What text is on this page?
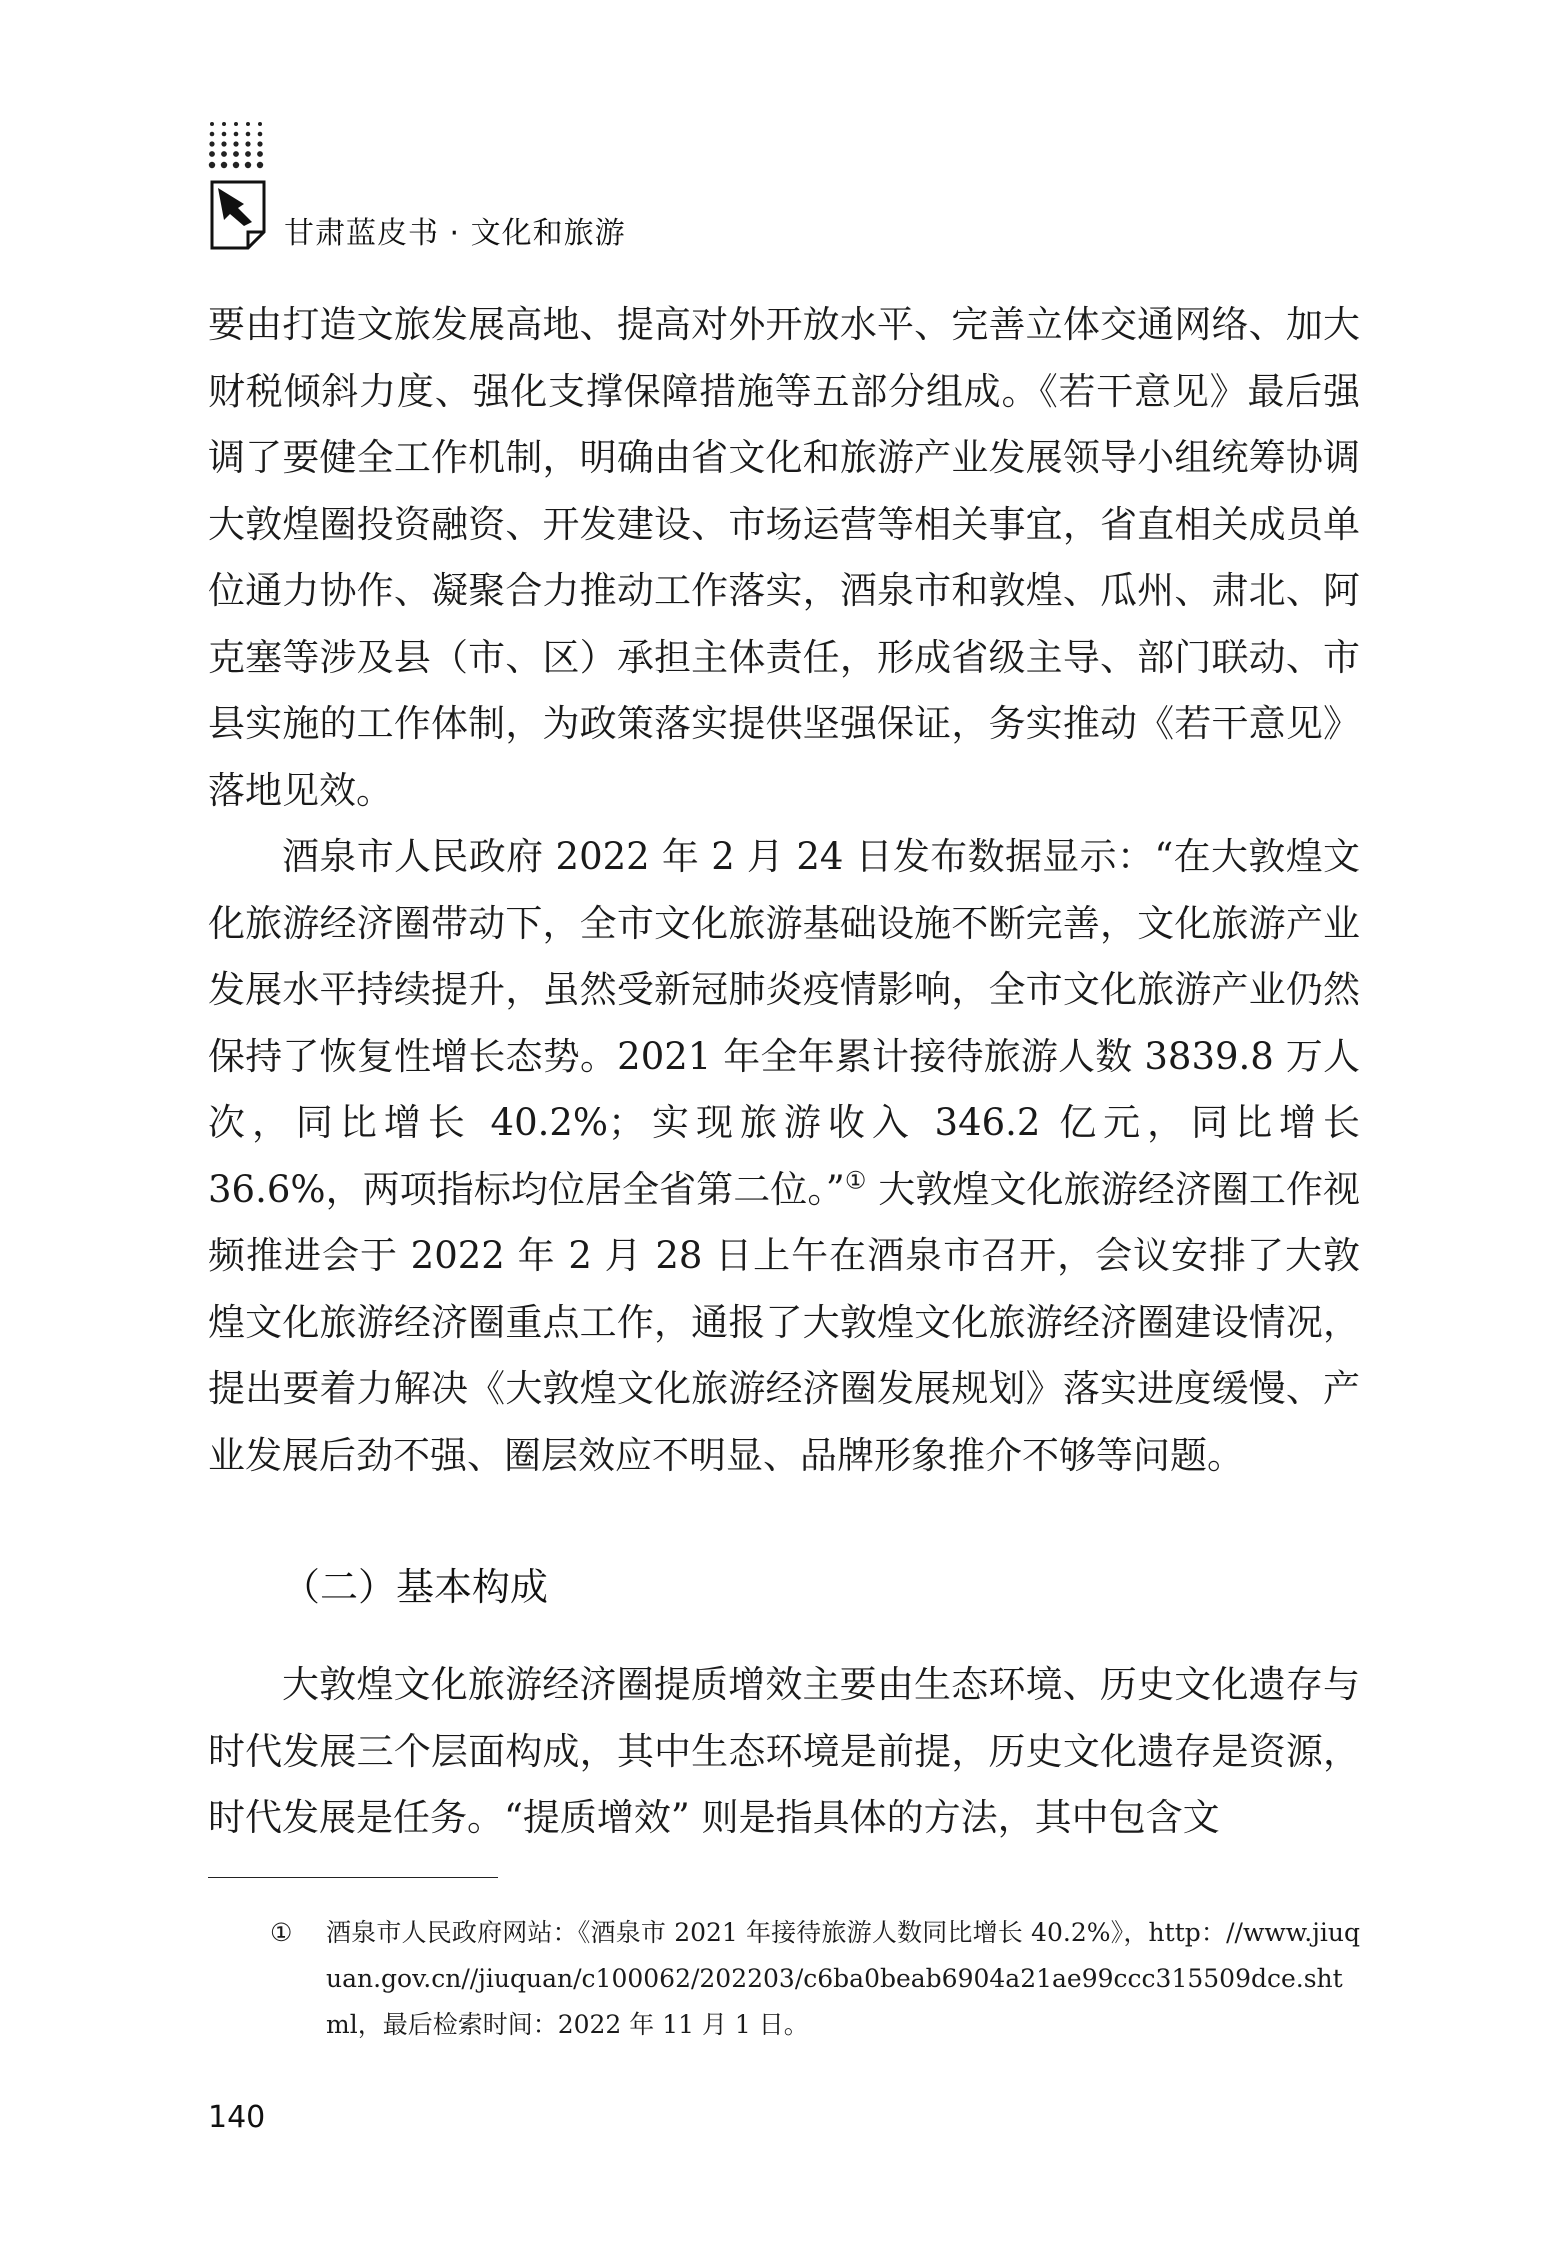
甘肃蓝皮书 · 文化和旅游

要由打造文旅发展高地、提高对外开放水平、完善立体交通网络、加大财税倾斜力度、强化支撑保障措施等五部分组成。《若干意见》最后强调了要健全工作机制，明确由省文化和旅游产业发展领导小组统筹协调大敦煌圈投资融资、开发建设、市场运营等相关事宜，省直相关成员单位通力协作、凝聚合力推动工作落实，酒泉市和敦煌、瓜州、肃北、阿克塞等涉及县（市、区）承担主体责任，形成省级主导、部门联动、市县实施的工作体制，为政策落实提供坚强保证，务实推动《若干意见》落地见效。

酒泉市人民政府 2022 年 2 月 24 日发布数据显示：“在大敦煌文化旅游经济圈带动下，全市文化旅游基础设施不断完善，文化旅游产业发展水平持续提升，虽然受新冠肺炎疫情影响，全市文化旅游产业仍然保持了恢复性增长态势。2021 年全年累计接待旅游人数 3839.8 万人次，同比增长 40.2%；实现旅游收入 346.2 亿元，同比增长 36.6%，两项指标均位居全省第二位。”① 大敦煌文化旅游经济圈工作视频推进会于 2022 年 2 月 28 日上午在酒泉市召开，会议安排了大敦煌文化旅游经济圈重点工作，通报了大敦煌文化旅游经济圈建设情况，提出要着力解决《大敦煌文化旅游经济圈发展规划》落实进度缓慢、产业发展后劲不强、圈层效应不明显、品牌形象推介不够等问题。

（二）基本构成

大敦煌文化旅游经济圈提质增效主要由生态环境、历史文化遗存与时代发展三个层面构成，其中生态环境是前提，历史文化遗存是资源，时代发展是任务。“提质增效” 则是指具体的方法，其中包含文

① 酒泉市人民政府网站：《酒泉市 2021 年接待旅游人数同比增长 40.2%》，http：//www.jiuquan.gov.cn//jiuquan/c100062/202203/c6ba0beab6904a21ae99ccc315509dce.shtml，最后检索时间：2022 年 11 月 1 日。
140
